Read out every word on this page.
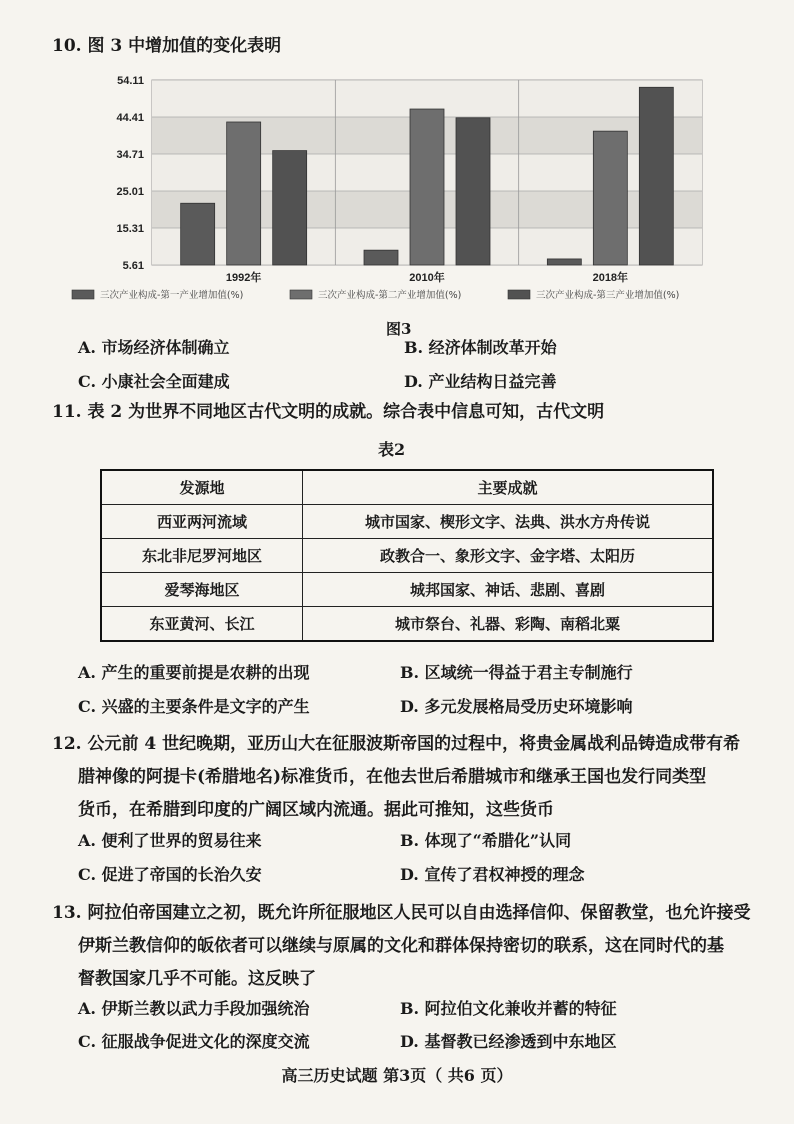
10. 图 3 中增加值的变化表明
54.11
44.41
34.71
25.01
15.31
5.61
1992年	2010年	2018年
三次产业构成-第一产业增加值(%)	三次产业构成-第二产业增加值(%)	三次产业构成-第三产业增加值(%)
图3
A. 市场经济体制确立	B. 经济体制改革开始
C. 小康社会全面建成	D. 产业结构日益完善
11. 表 2 为世界不同地区古代文明的成就。综合表中信息可知，古代文明
表2
发源地	主要成就
西亚两河流域	城市国家、楔形文字、法典、洪水方舟传说
东北非尼罗河地区	政教合一、象形文字、金字塔、太阳历
爱琴海地区	城邦国家、神话、悲剧、喜剧
东亚黄河、长江	城市祭台、礼器、彩陶、南稻北粟
A. 产生的重要前提是农耕的出现	B. 区域统一得益于君主专制施行
C. 兴盛的主要条件是文字的产生	D. 多元发展格局受历史环境影响
12. 公元前 4 世纪晚期，亚历山大在征服波斯帝国的过程中，将贵金属战利品铸造成带有希
腊神像的阿提卡(希腊地名)标准货币，在他去世后希腊城市和继承王国也发行同类型
货币，在希腊到印度的广阔区域内流通。据此可推知，这些货币
A. 便利了世界的贸易往来	B. 体现了“希腊化”认同
C. 促进了帝国的长治久安	D. 宣传了君权神授的理念
13. 阿拉伯帝国建立之初，既允许所征服地区人民可以自由选择信仰、保留教堂，也允许接受
伊斯兰教信仰的皈依者可以继续与原属的文化和群体保持密切的联系，这在同时代的基
督教国家几乎不可能。这反映了
A. 伊斯兰教以武力手段加强统治	B. 阿拉伯文化兼收并蓄的特征
C. 征服战争促进文化的深度交流	D. 基督教已经渗透到中东地区
高三历史试题 第3页（ 共6 页）
